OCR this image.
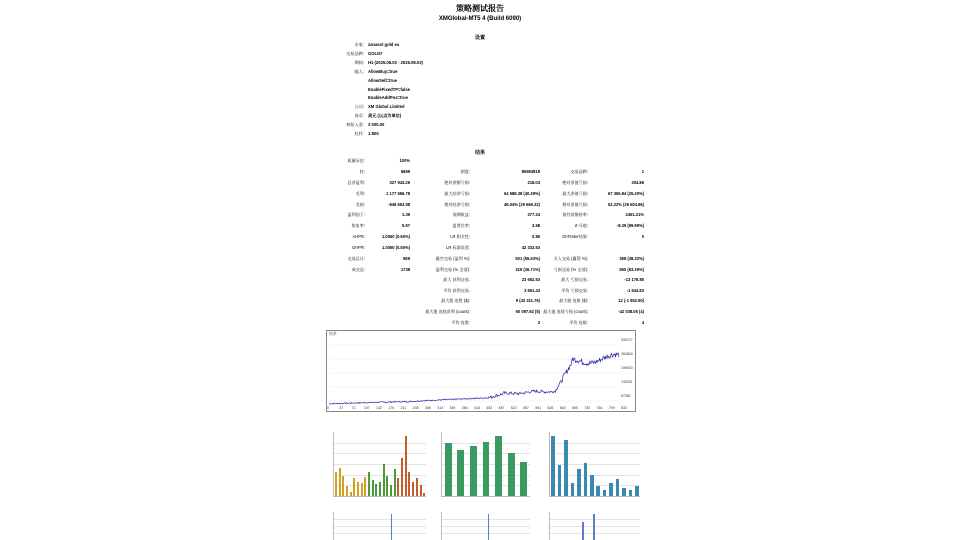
策略测试报告
XMGlobal-MT5 4 (Build 6090)
设置
专家: zanasol gold ea
交易品种: GOLD#
期间: H1 (2025.08.03 - 2026.08.03)
输入: AllowBuy=true
AllowSell=true
EnableFixedTP=false
EnableAddPos=true
公司: XM Global Limited
货币: 美元 (以点为单位)
初始入金: 3 000.00
杠杆: 1:500
结果
质量历史:	100%
柱:	5869	刻度:	85953818	交易品种:	1
总净盈利:	327 943.26	绝对余额亏损:	218.04	绝对净值亏损:	204.86
毛利:	1 177 566.78	最大结余亏损:	64 588.38 (40.29%)	最大净值亏损:	67 365.84 (25.20%)
毛损:	-849 653.98	相对结余亏损:	46.04% (29 666.32)	相对净值亏损:	52.22% (26 504.86)
盈利因子:	1.39	预期收益:	377.34	预付款维持率:	2491.21%
恢复率:	5.57	夏普比率:	3.58	Z-分值:	-8.35 (99.99%)
AHPR:	1.0060 (0.60%)	LR 相关性:	0.86	OnTester结果:	0
GHPR:	1.0050 (0.50%)	LR 标准误差:	42 333.63
交易总计:	869	做空交易 (盈利 %):	501 (55.53%)	买入交易 (赢得 %):	368 (38.32%)
成交总:	1738	盈利交易 (% 全部):	319 (36.71%)	亏损交易 (% 全部):	550 (63.29%)
最大 获利交易:	23 652.53	最大 亏损交易:	-13 178.80
平均 获利交易:	3 691.43	平均 亏损交易:	-1 544.83
最大值 连胜 ($):	9 (43 311.76)	最大值 连败 ($):	12 (-1 652.60)
最大值 连续获利 (count):	60 097.92 (5) 最大值 连续亏损 (count):	-42 038.05 (4)
平均 连胜:	3	平均 连败:	4
结余
0	37 72 107 142 176 211 245 280 314 349 384 418 453 487 522 557 591 626 660 695 730 764 799 833
330727
264840
199020
133201
67381
